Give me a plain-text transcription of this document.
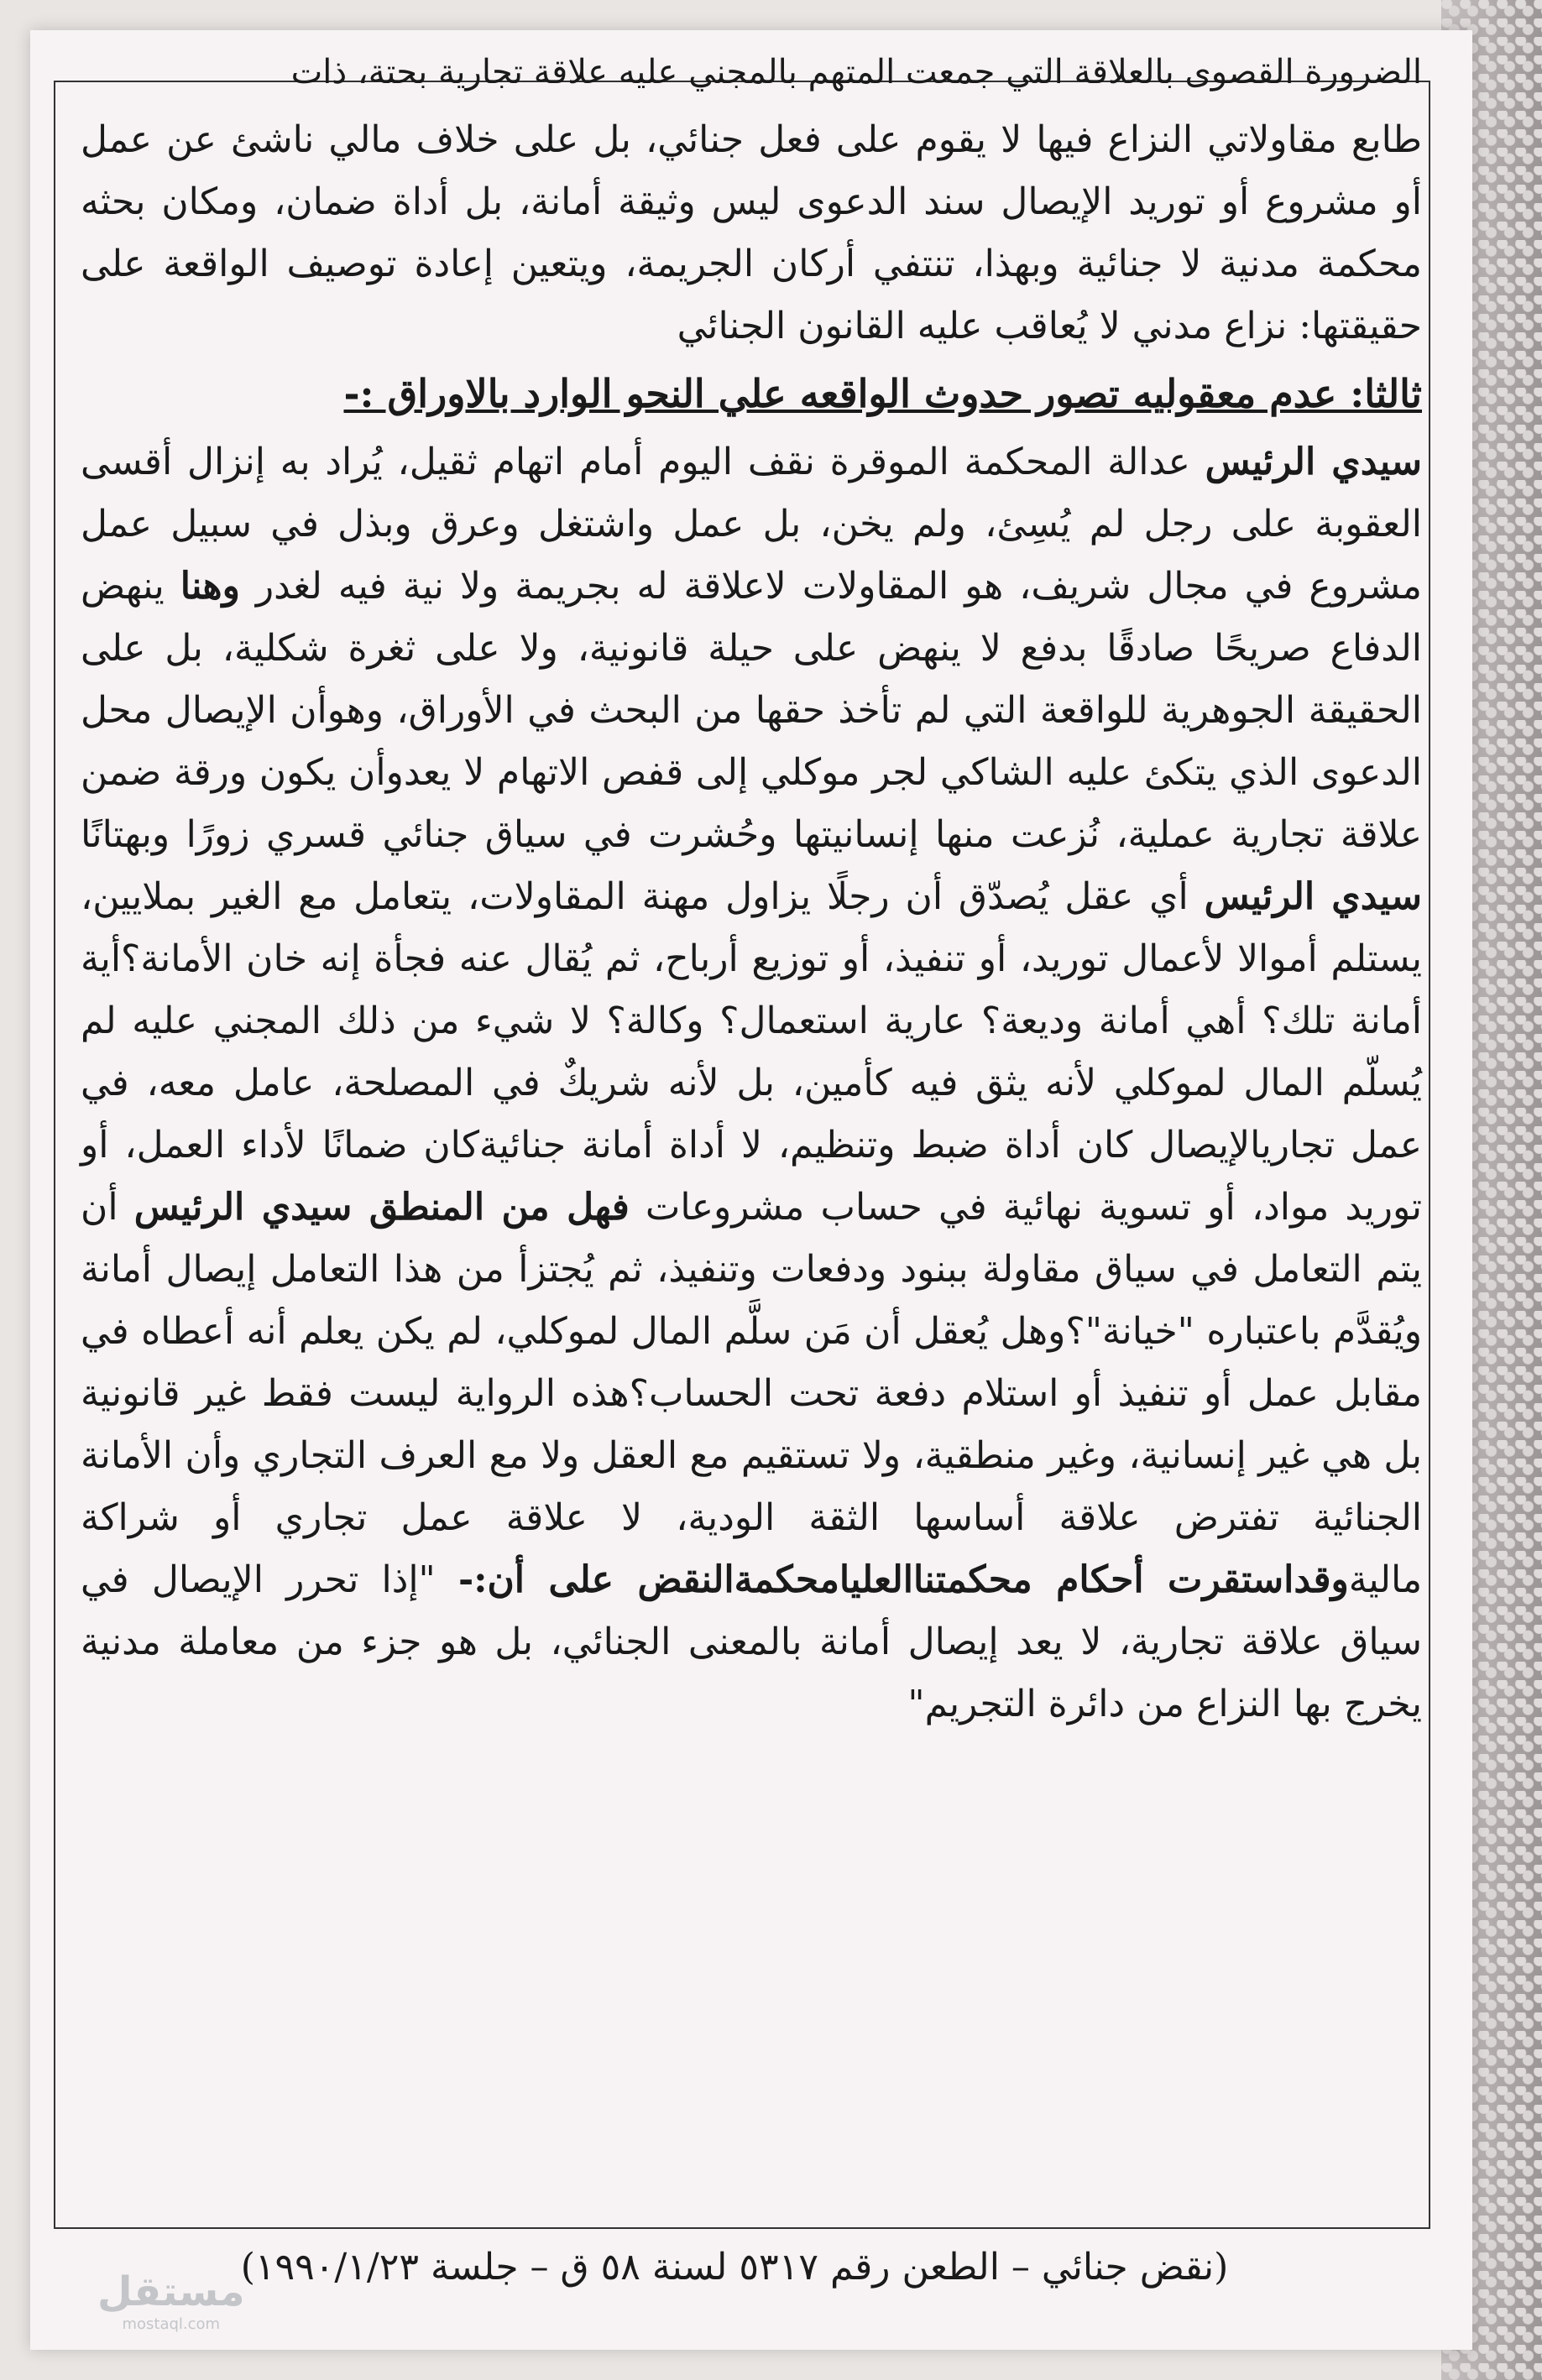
الضرورة القصوى بالعلاقة التي جمعت المتهم بالمجني عليه علاقة تجارية بحتة، ذات

طابع مقاولاتي النزاع فيها لا يقوم على فعل جنائي، بل على خلاف مالي ناشئ عن عمل أو مشروع أو توريد الإيصال سند الدعوى ليس وثيقة أمانة، بل أداة ضمان، ومكان بحثه محكمة مدنية لا جنائية وبهذا، تنتفي أركان الجريمة، ويتعين إعادة توصيف الواقعة على حقيقتها: نزاع مدني لا يُعاقب عليه القانون الجنائي

ثالثا: عدم معقوليه تصور حدوث الواقعه علي النحو الوارد بالاوراق :-

سيدي الرئيس عدالة المحكمة الموقرة نقف اليوم أمام اتهام ثقيل، يُراد به إنزال أقسى العقوبة على رجل لم يُسِئ، ولم يخن، بل عمل واشتغل وعرق وبذل في سبيل عمل مشروع في مجال شريف، هو المقاولات لاعلاقة له بجريمة ولا نية فيه لغدر وهنا ينهض الدفاع صريحًا صادقًا بدفع لا ينهض على حيلة قانونية، ولا على ثغرة شكلية، بل على الحقيقة الجوهرية للواقعة التي لم تأخذ حقها من البحث في الأوراق، وهوأن الإيصال محل الدعوى الذي يتكئ عليه الشاكي لجر موكلي إلى قفص الاتهام لا يعدوأن يكون ورقة ضمن علاقة تجارية عملية، نُزعت منها إنسانيتها وحُشرت في سياق جنائي قسري زورًا وبهتانًا سيدي الرئيس أي عقل يُصدّق أن رجلًا يزاول مهنة المقاولات، يتعامل مع الغير بملايين، يستلم أموالا لأعمال توريد، أو تنفيذ، أو توزيع أرباح، ثم يُقال عنه فجأة إنه خان الأمانة؟أية أمانة تلك؟ أهي أمانة وديعة؟ عارية استعمال؟ وكالة؟ لا شيء من ذلك المجني عليه لم يُسلّم المال لموكلي لأنه يثق فيه كأمين، بل لأنه شريكٌ في المصلحة، عامل معه، في عمل تجاريالإيصال كان أداة ضبط وتنظيم، لا أداة أمانة جنائيةكان ضمانًا لأداء العمل، أو توريد مواد، أو تسوية نهائية في حساب مشروعات فهل من المنطق سيدي الرئيس أن يتم التعامل في سياق مقاولة ببنود ودفعات وتنفيذ، ثم يُجتزأ من هذا التعامل إيصال أمانة ويُقدَّم باعتباره "خيانة"؟وهل يُعقل أن مَن سلَّم المال لموكلي، لم يكن يعلم أنه أعطاه في مقابل عمل أو تنفيذ أو استلام دفعة تحت الحساب؟هذه الرواية ليست فقط غير قانونية بل هي غير إنسانية، وغير منطقية، ولا تستقيم مع العقل ولا مع العرف التجاري وأن الأمانة الجنائية تفترض علاقة أساسها الثقة الودية، لا علاقة عمل تجاري أو شراكة ماليةوقداستقرت أحكام محكمتناالعليامحكمةالنقض على أن:- "إذا تحرر الإيصال في سياق علاقة تجارية، لا يعد إيصال أمانة بالمعنى الجنائي، بل هو جزء من معاملة مدنية يخرج بها النزاع من دائرة التجريم"

(نقض جنائي – الطعن رقم ٥٣١٧ لسنة ٥٨ ق – جلسة ١٩٩٠/١/٢٣)
مستقل
mostaql.com
